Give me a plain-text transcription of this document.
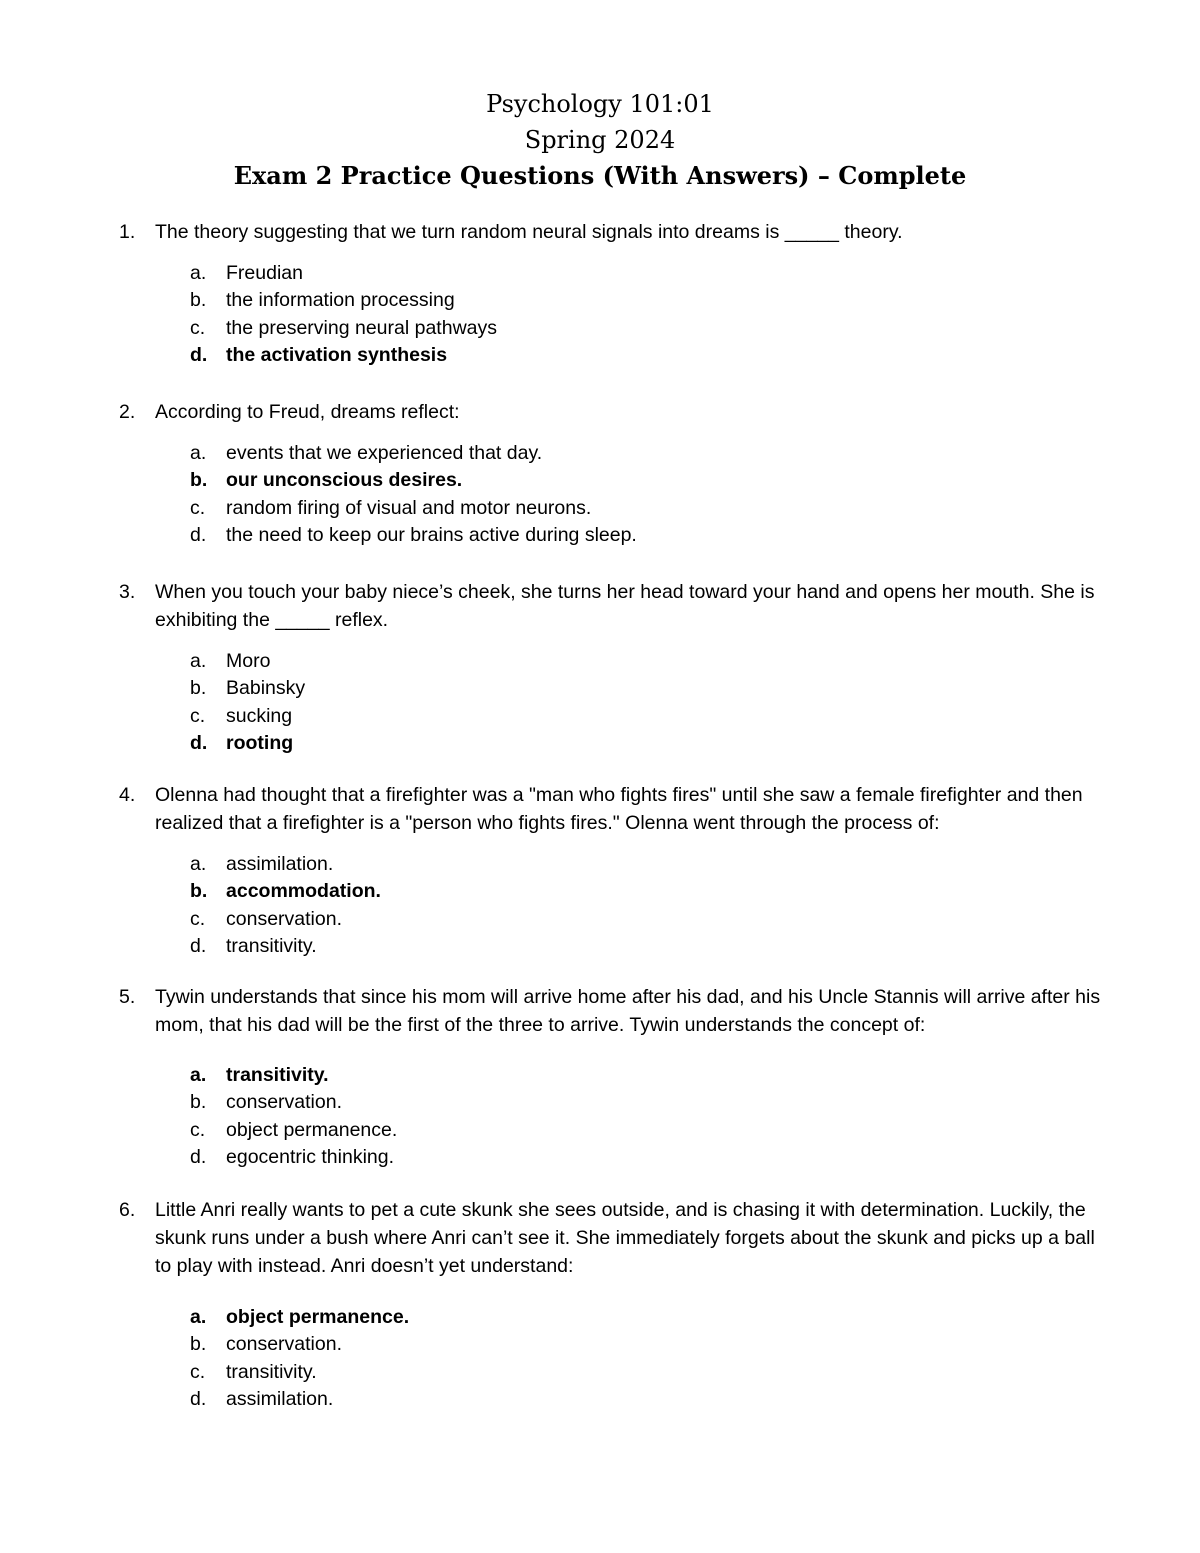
Psychology 101:01
Spring 2024
Exam 2 Practice Questions (With Answers) – Complete
1. The theory suggesting that we turn random neural signals into dreams is _____ theory.
a. Freudian
b. the information processing
c. the preserving neural pathways
d. the activation synthesis
2. According to Freud, dreams reflect:
a. events that we experienced that day.
b. our unconscious desires.
c. random firing of visual and motor neurons.
d. the need to keep our brains active during sleep.
3. When you touch your baby niece’s cheek, she turns her head toward your hand and opens her mouth. She is exhibiting the _____ reflex.
a. Moro
b. Babinsky
c. sucking
d. rooting
4. Olenna had thought that a firefighter was a "man who fights fires" until she saw a female firefighter and then realized that a firefighter is a "person who fights fires." Olenna went through the process of:
a. assimilation.
b. accommodation.
c. conservation.
d. transitivity.
5. Tywin understands that since his mom will arrive home after his dad, and his Uncle Stannis will arrive after his mom, that his dad will be the first of the three to arrive. Tywin understands the concept of:
a. transitivity.
b. conservation.
c. object permanence.
d. egocentric thinking.
6. Little Anri really wants to pet a cute skunk she sees outside, and is chasing it with determination. Luckily, the skunk runs under a bush where Anri can’t see it. She immediately forgets about the skunk and picks up a ball to play with instead. Anri doesn’t yet understand:
a. object permanence.
b. conservation.
c. transitivity.
d. assimilation.
